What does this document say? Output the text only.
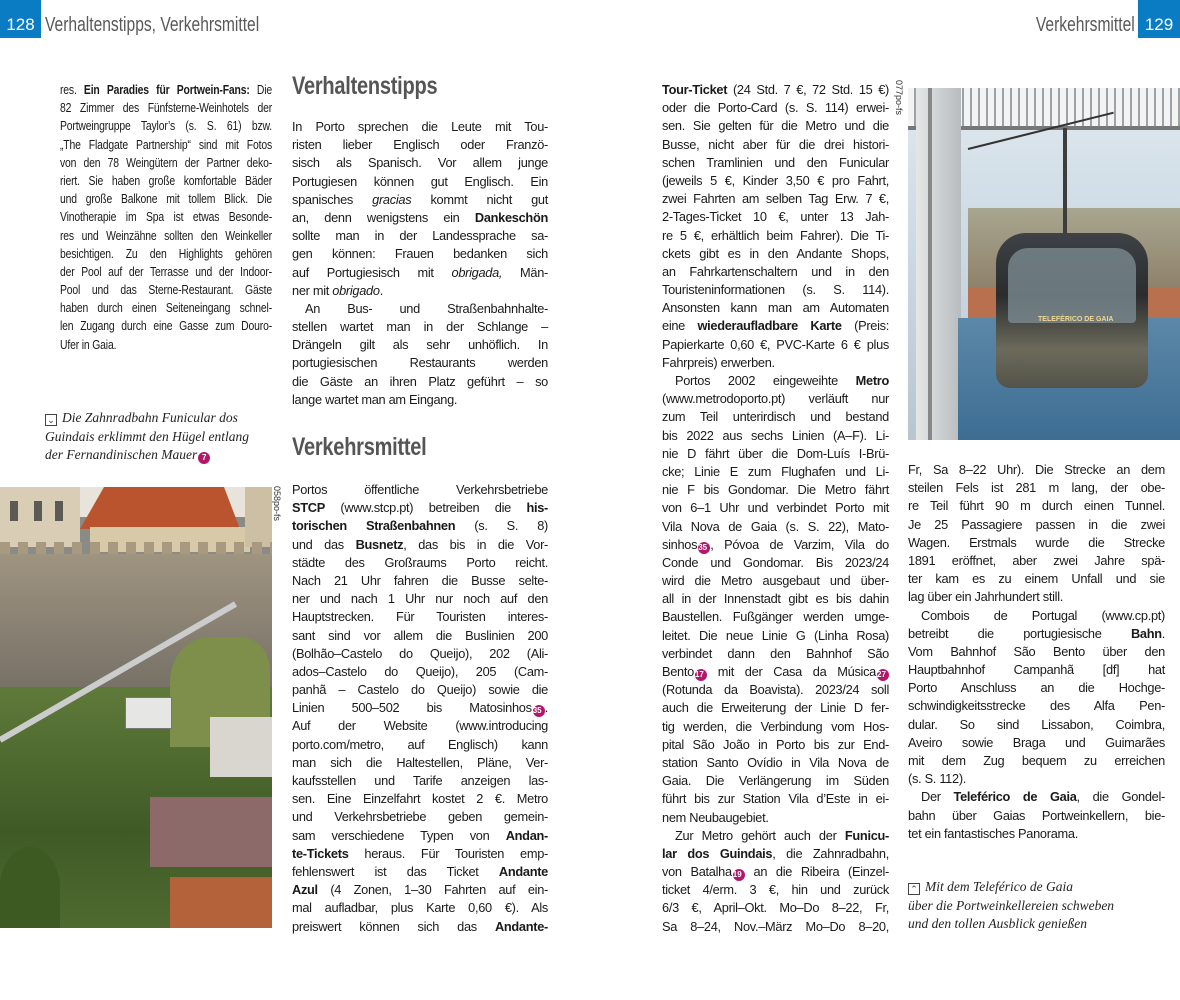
128 Verhaltenstipps, Verkehrsmittel	Verkehrsmittel 129
res. Ein Paradies für Portwein-Fans: Die
82 Zimmer des Fünfsterne-Weinhotels der
Portweingruppe Taylor’s (s. S. 61) bzw.
„The Fladgate Partnership“ sind mit Fotos
von den 78 Weingütern der Partner deko-
riert. Sie haben große komfortable Bäder
und große Balkone mit tollem Blick. Die
Vinotherapie im Spa ist etwas Besonde-
res und Weinzähne sollten den Weinkeller
besichtigen. Zu den Highlights gehören
der Pool auf der Terrasse und der Indoor-
Pool und das Sterne-Restaurant. Gäste
haben durch einen Seiteneingang schnel-
len Zugang durch eine Gasse zum Douro-
Ufer in Gaia.
⌄ Die Zahnradbahn Funicular dos
Guindais erklimmt den Hügel entlang
der Fernandinischen Mauer 7
058po-fs
Verhaltenstipps
In Porto sprechen die Leute mit Tou-
risten lieber Englisch oder Franzö-
sisch als Spanisch. Vor allem junge
Portugiesen können gut Englisch. Ein
spanisches gracias kommt nicht gut
an, denn wenigstens ein Dankeschön
sollte man in der Landessprache sa-
gen können: Frauen bedanken sich
auf Portugiesisch mit obrigada, Män-
ner mit obrigado.
An Bus- und Straßenbahnhalte-
stellen wartet man in der Schlange –
Drängeln gilt als sehr unhöflich. In
portugiesischen Restaurants werden
die Gäste an ihren Platz geführt – so
lange wartet man am Eingang.
Verkehrsmittel
Portos öffentliche Verkehrsbetriebe
STCP (www.stcp.pt) betreiben die his-
torischen Straßenbahnen (s. S. 8)
und das Busnetz, das bis in die Vor-
städte des Großraums Porto reicht.
Nach 21 Uhr fahren die Busse selte-
ner und nach 1 Uhr nur noch auf den
Hauptstrecken. Für Touristen interes-
sant sind vor allem die Buslinien 200
(Bolhão–Castelo do Queijo), 202 (Ali-
ados–Castelo do Queijo), 205 (Cam-
panhã – Castelo do Queijo) sowie die
Linien 500–502 bis Matosinhos35 .
Auf der Website (www.introducing
porto.com/metro, auf Englisch) kann
man sich die Haltestellen, Pläne, Ver-
kaufsstellen und Tarife anzeigen las-
sen. Eine Einzelfahrt kostet 2 €. Metro
und Verkehrsbetriebe geben gemein-
sam verschiedene Typen von Andan-
te-Tickets heraus. Für Touristen emp-
fehlenswert ist das Ticket Andante
Azul (4 Zonen, 1–30 Fahrten auf ein-
mal aufladbar, plus Karte 0,60 €). Als
preiswert können sich das Andante-
Tour-Ticket (24 Std. 7 €, 72 Std. 15 €)
oder die Porto-Card (s. S. 114) erwei-
sen. Sie gelten für die Metro und die
Busse, nicht aber für die drei histori-
schen Tramlinien und den Funicular
(jeweils 5 €, Kinder 3,50 € pro Fahrt,
zwei Fahrten am selben Tag Erw. 7 €,
2-Tages-Ticket 10 €, unter 13 Jah-
re 5 €, erhältlich beim Fahrer). Die Ti-
ckets gibt es in den Andante Shops,
an Fahrkartenschaltern und in den
Touristeninformationen (s. S. 114).
Ansonsten kann man am Automaten
eine wiederaufladbare Karte (Preis:
Papierkarte 0,60 €, PVC-Karte 6 € plus
Fahrpreis) erwerben.
Portos 2002 eingeweihte Metro
(www.metrodoporto.pt) verläuft nur
zum Teil unterirdisch und bestand
bis 2022 aus sechs Linien (A–F). Li-
nie D fährt über die Dom-Luís I-Brü-
cke; Linie E zum Flughafen und Li-
nie F bis Gondomar. Die Metro fährt
von 6–1 Uhr und verbindet Porto mit
Vila Nova de Gaia (s. S. 22), Mato-
sinhos35 , Póvoa de Varzim, Vila do
Conde und Gondomar. Bis 2023/24
wird die Metro ausgebaut und über-
all in der Innenstadt gibt es bis dahin
Baustellen. Fußgänger werden umge-
leitet. Die neue Linie G (Linha Rosa)
verbindet dann den Bahnhof São
Bento17 mit der Casa da Música27
(Rotunda da Boavista). 2023/24 soll
auch die Erweiterung der Linie D fer-
tig werden, die Verbindung vom Hos-
pital São João in Porto bis zur End-
station Santo Ovídio in Vila Nova de
Gaia. Die Verlängerung im Süden
führt bis zur Station Vila d’Este in ei-
nem Neubaugebiet.
Zur Metro gehört auch der Funicu-
lar dos Guindais, die Zahnradbahn,
von Batalha19 an die Ribeira (Einzel-
ticket 4/erm. 3 €, hin und zurück
6/3 €, April–Okt. Mo–Do 8–22, Fr,
Sa 8–24, Nov.–März Mo–Do 8–20,
TELEFÉRICO DE GAIA
077po-fs
Fr, Sa 8–22 Uhr). Die Strecke an dem
steilen Fels ist 281 m lang, der obe-
re Teil führt 90 m durch einen Tunnel.
Je 25 Passagiere passen in die zwei
Wagen. Erstmals wurde die Strecke
1891 eröffnet, aber zwei Jahre spä-
ter kam es zu einem Unfall und sie
lag über ein Jahrhundert still.
Combois de Portugal (www.cp.pt)
betreibt die portugiesische Bahn.
Vom Bahnhof São Bento über den
Hauptbahnhof Campanhã [df] hat
Porto Anschluss an die Hochge-
schwindigkeitsstrecke des Alfa Pen-
dular. So sind Lissabon, Coimbra,
Aveiro sowie Braga und Guimarães
mit dem Zug bequem zu erreichen
(s. S. 112).
Der Teleférico de Gaia, die Gondel-
bahn über Gaias Portweinkellern, bie-
tet ein fantastisches Panorama.
⌃ Mit dem Teleférico de Gaia
über die Portweinkellereien schweben
und den tollen Ausblick genießen
